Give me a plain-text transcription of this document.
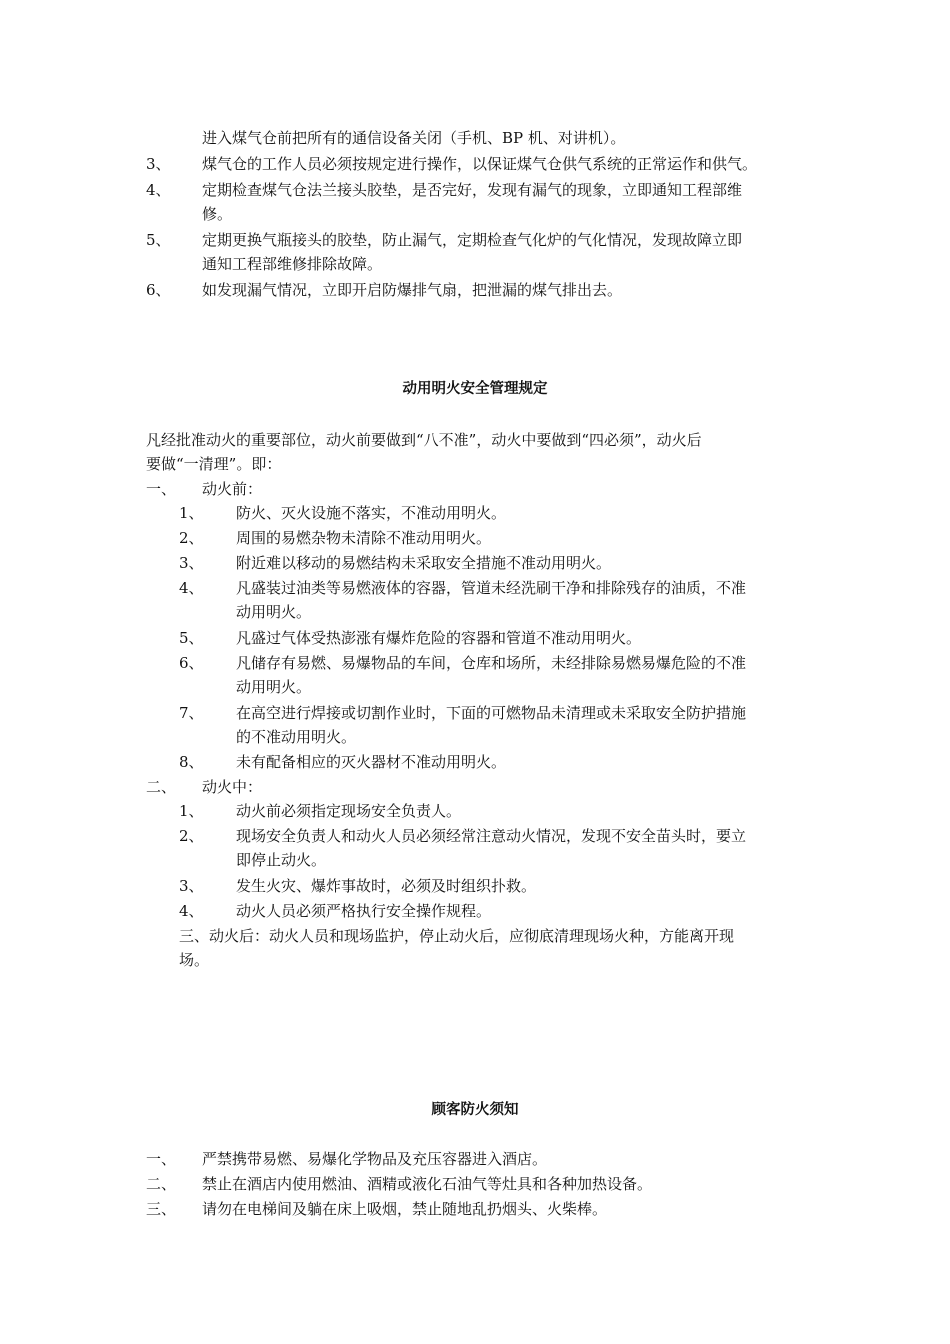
进入煤气仓前把所有的通信设备关闭（手机、BP 机、对讲机）。
3、 煤气仓的工作人员必须按规定进行操作，以保证煤气仓供气系统的正常运作和供气。
4、 定期检查煤气仓法兰接头胶垫，是否完好，发现有漏气的现象，立即通知工程部维
修。
5、 定期更换气瓶接头的胶垫，防止漏气，定期检查气化炉的气化情况，发现故障立即
通知工程部维修排除故障。
6、 如发现漏气情况，立即开启防爆排气扇，把泄漏的煤气排出去。
动用明火安全管理规定
凡经批准动火的重要部位，动火前要做到“八不准”，动火中要做到“四必须”，动火后
要做“一清理”。即：
一、 动火前：
1、 防火、灭火设施不落实，不准动用明火。
2、 周围的易燃杂物未清除不准动用明火。
3、 附近难以移动的易燃结构未采取安全措施不准动用明火。
4、 凡盛装过油类等易燃液体的容器，管道未经洗刷干净和排除残存的油质，不准
动用明火。
5、 凡盛过气体受热澎涨有爆炸危险的容器和管道不准动用明火。
6、 凡储存有易燃、易爆物品的车间，仓库和场所，未经排除易燃易爆危险的不准
动用明火。
7、 在高空进行焊接或切割作业时，下面的可燃物品未清理或未采取安全防护措施
的不准动用明火。
8、 未有配备相应的灭火器材不准动用明火。
二、 动火中：
1、 动火前必须指定现场安全负责人。
2、 现场安全负责人和动火人员必须经常注意动火情况，发现不安全苗头时，要立
即停止动火。
3、 发生火灾、爆炸事故时，必须及时组织扑救。
4、 动火人员必须严格执行安全操作规程。
三、动火后：动火人员和现场监护，停止动火后，应彻底清理现场火种，方能离开现
场。
顾客防火须知
一、 严禁携带易燃、易爆化学物品及充压容器进入酒店。
二、 禁止在酒店内使用燃油、酒精或液化石油气等灶具和各种加热设备。
三、 请勿在电梯间及躺在床上吸烟，禁止随地乱扔烟头、火柴棒。
